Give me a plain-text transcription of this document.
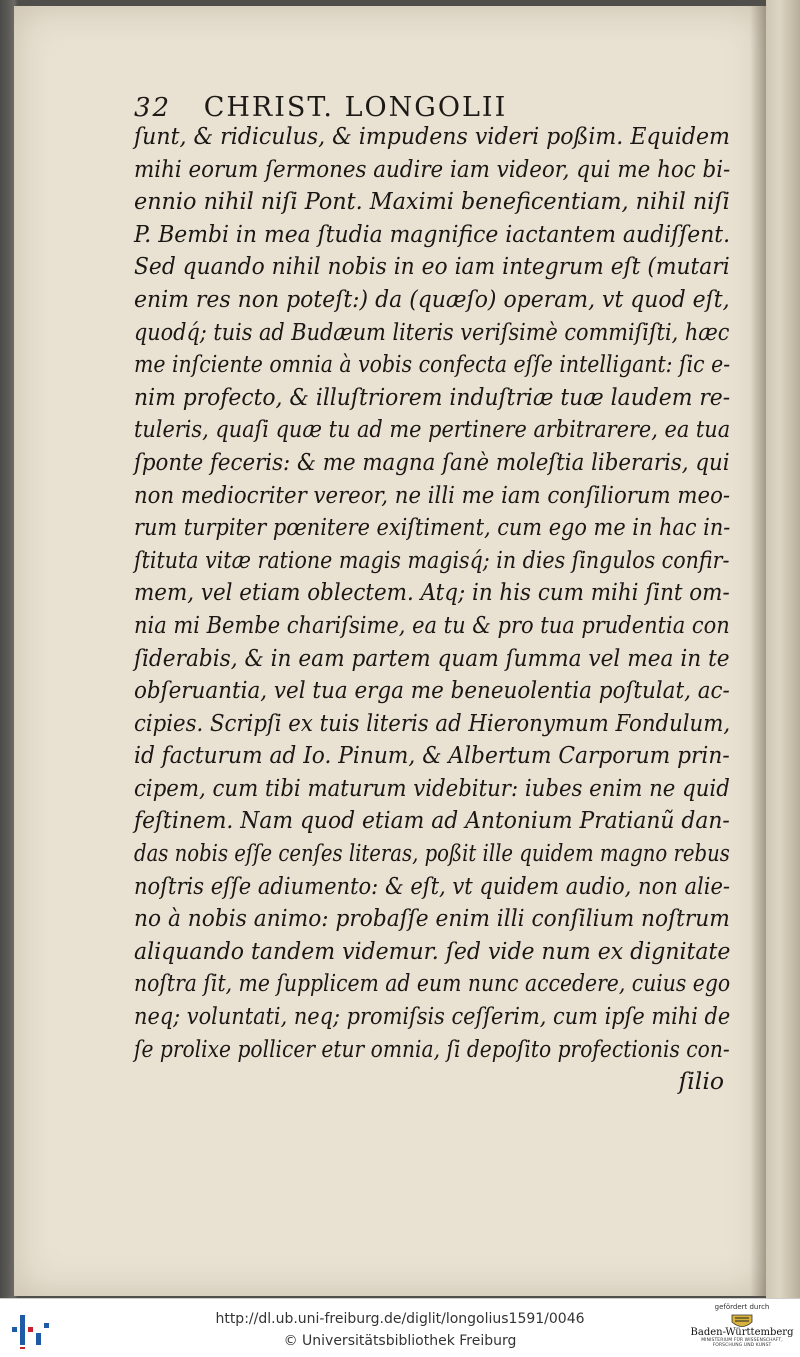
32 CHRIST. LONGOLII
ſunt, & ridiculus, & impudens videri poßim. Equidem
mihi eorum ſermones audire iam videor, qui me hoc bi-
ennio nihil niſi Pont. Maximi beneficentiam, nihil niſi
P. Bembi in mea ſtudia magnifice iactantem audiſſent.
Sed quando nihil nobis in eo iam integrum eſt (mutari
enim res non poteſt:) da (quæſo) operam, vt quod eſt,
quodq́; tuis ad Budæum literis veriſsimè commiſiſti, hæc
me inſciente omnia à vobis confecta eſſe intelligant: ſic e-
nim profecto, & illuſtriorem induſtriæ tuæ laudem re-
tuleris, quaſi quæ tu ad me pertinere arbitrarere, ea tua
ſponte feceris: & me magna ſanè moleſtia liberaris, qui
non mediocriter vereor, ne illi me iam conſiliorum meo-
rum turpiter pœnitere exiſtiment, cum ego me in hac in-
ſtituta vitæ ratione magis magisq́; in dies ſingulos confir-
mem, vel etiam oblectem. Atq; in his cum mihi ſint om-
nia mi Bembe chariſsime, ea tu & pro tua prudentia con
ſiderabis, & in eam partem quam ſumma vel mea in te
obſeruantia, vel tua erga me beneuolentia poſtulat, ac-
cipies. Scripſi ex tuis literis ad Hieronymum Fondulum,
id facturum ad Io. Pinum, & Albertum Carporum prin-
cipem, cum tibi maturum videbitur: iubes enim ne quid
feſtinem. Nam quod etiam ad Antonium Pratianũ dan-
das nobis eſſe cenſes literas, poßit ille quidem magno rebus
noſtris eſſe adiumento: & eſt, vt quidem audio, non alie-
no à nobis animo: probaſſe enim illi conſilium noſtrum
aliquando tandem videmur. ſed vide num ex dignitate
noſtra ſit, me ſupplicem ad eum nunc accedere, cuius ego
neq; voluntati, neq; promiſsis ceſſerim, cum ipſe mihi de
ſe prolixe pollicer etur omnia, ſi depoſito profectionis con-
ſilio
http://dl.ub.uni-freiburg.de/diglit/longolius1591/0046
© Universitätsbibliothek Freiburg
gefördert durch
Baden-Württemberg
MINISTERIUM FÜR WISSENSCHAFT, FORSCHUNG UND KUNST
